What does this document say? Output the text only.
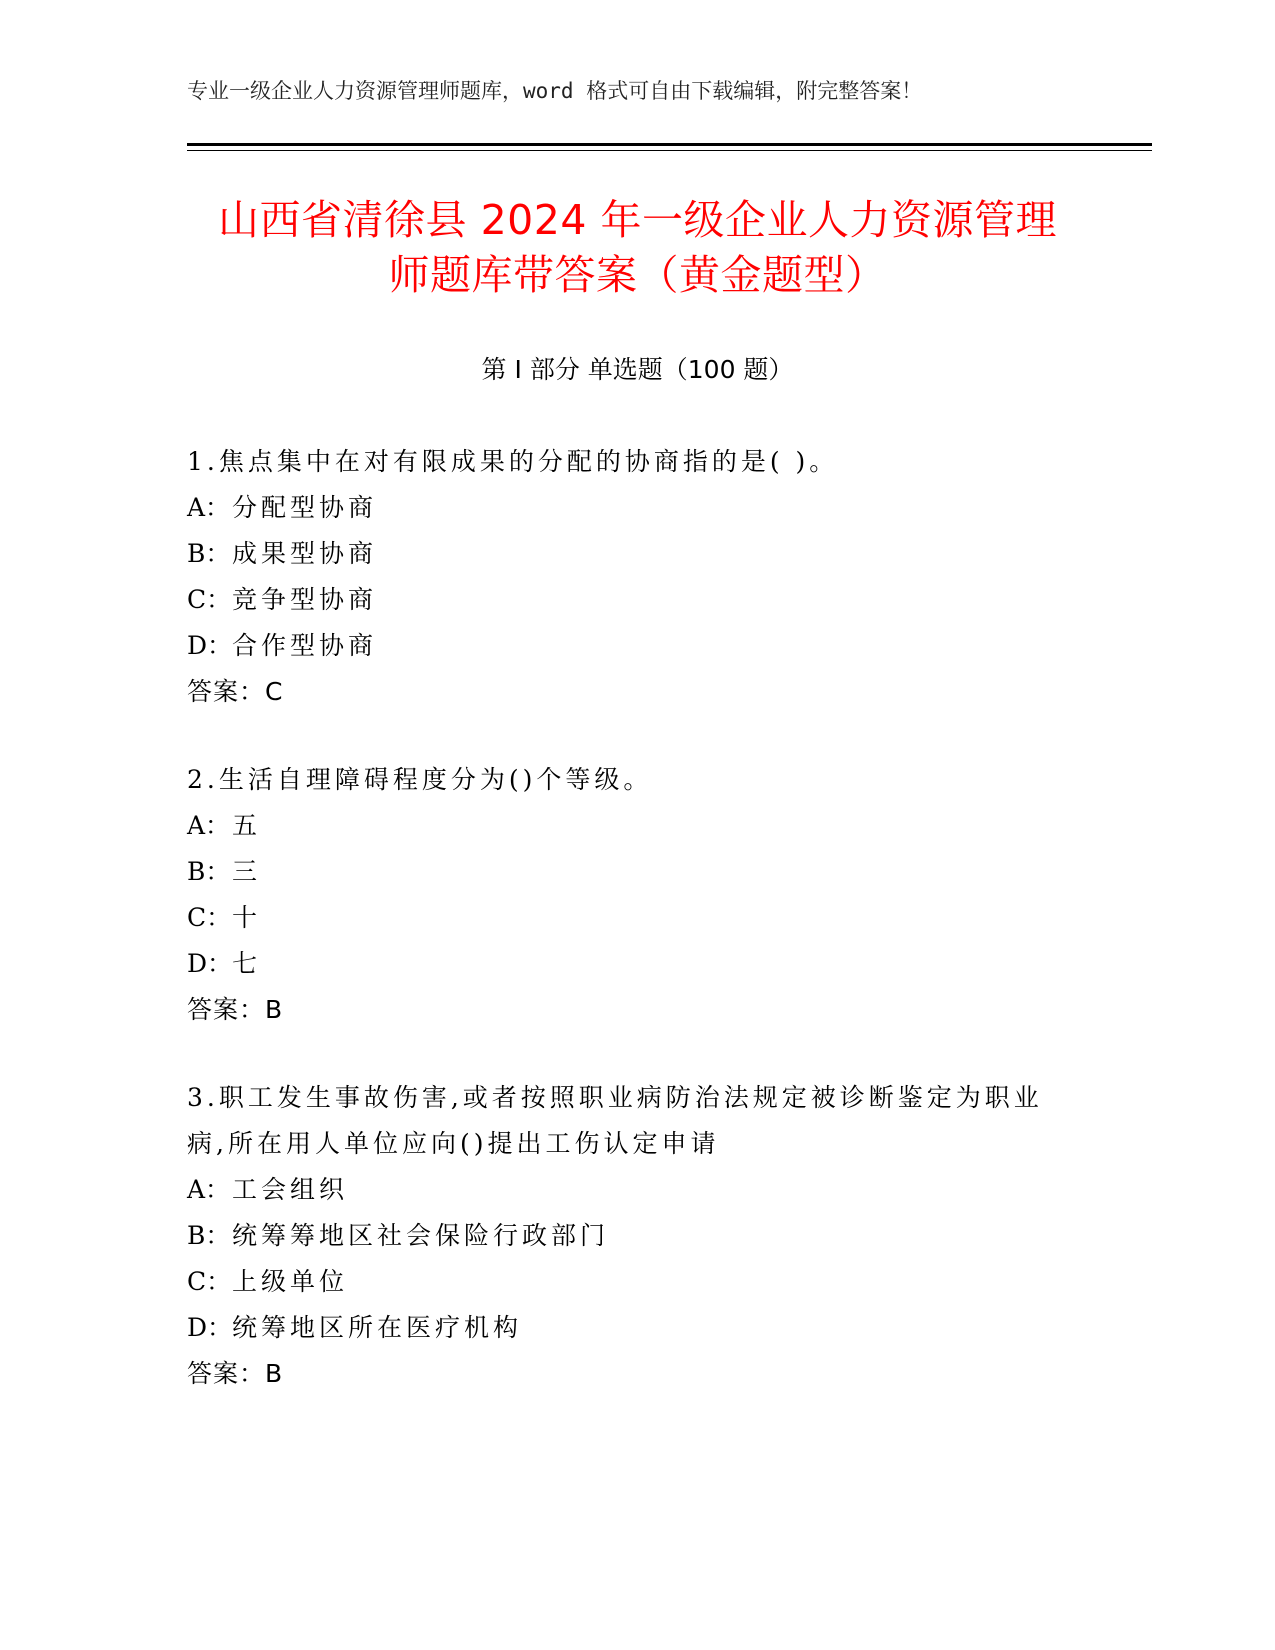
专业一级企业人力资源管理师题库，word 格式可自由下载编辑，附完整答案！
山西省清徐县 2024 年一级企业人力资源管理
师题库带答案（黄金题型）
第 I 部分 单选题（100 题）
1.焦点集中在对有限成果的分配的协商指的是( )。
A：分配型协商
B：成果型协商
C：竞争型协商
D：合作型协商
答案：C
2.生活自理障碍程度分为()个等级。
A：五
B：三
C：十
D：七
答案：B
3.职工发生事故伤害,或者按照职业病防治法规定被诊断鉴定为职业病,所在用人单位应向()提出工伤认定申请
A：工会组织
B：统筹筹地区社会保险行政部门
C：上级单位
D：统筹地区所在医疗机构
答案：B
